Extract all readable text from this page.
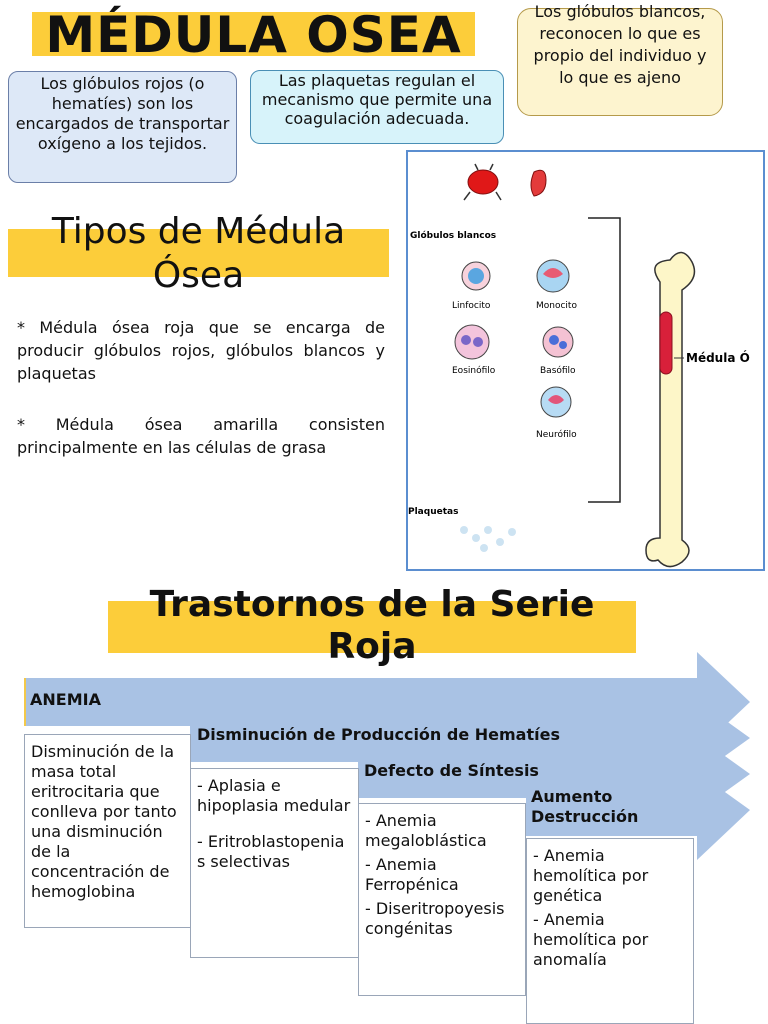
MÉDULA OSEA
Los glóbulos rojos (o hematíes) son los encargados de transportar oxígeno a los tejidos.
Las plaquetas regulan el mecanismo que permite una coagulación adecuada.
Los glóbulos blancos, reconocen lo que es propio del individuo y lo que es ajeno
Tipos de Médula Ósea
* Médula ósea roja que se encarga de producir glóbulos rojos, glóbulos blancos y plaquetas
* Médula ósea amarilla consisten principalmente en las células de grasa
Glóbulos blancos
Linfocito	Monocito
Eosinófilo	Basófilo
Neurófilo
Plaquetas
Médula Ó
Trastornos de la Serie Roja
ANEMIA
Disminución de Producción de Hematíes
Defecto de Síntesis
Aumento Destrucción
Disminución de la masa total eritrocitaria que conlleva por tanto una disminución de la concentración de hemoglobina
- Aplasia e hipoplasia medular
- Eritroblastopenias selectivas
- Anemia megaloblástica
- Anemia Ferropénica
- Diseritropoyesis congénitas
- Anemia hemolítica por genética
- Anemia hemolítica por anomalía
